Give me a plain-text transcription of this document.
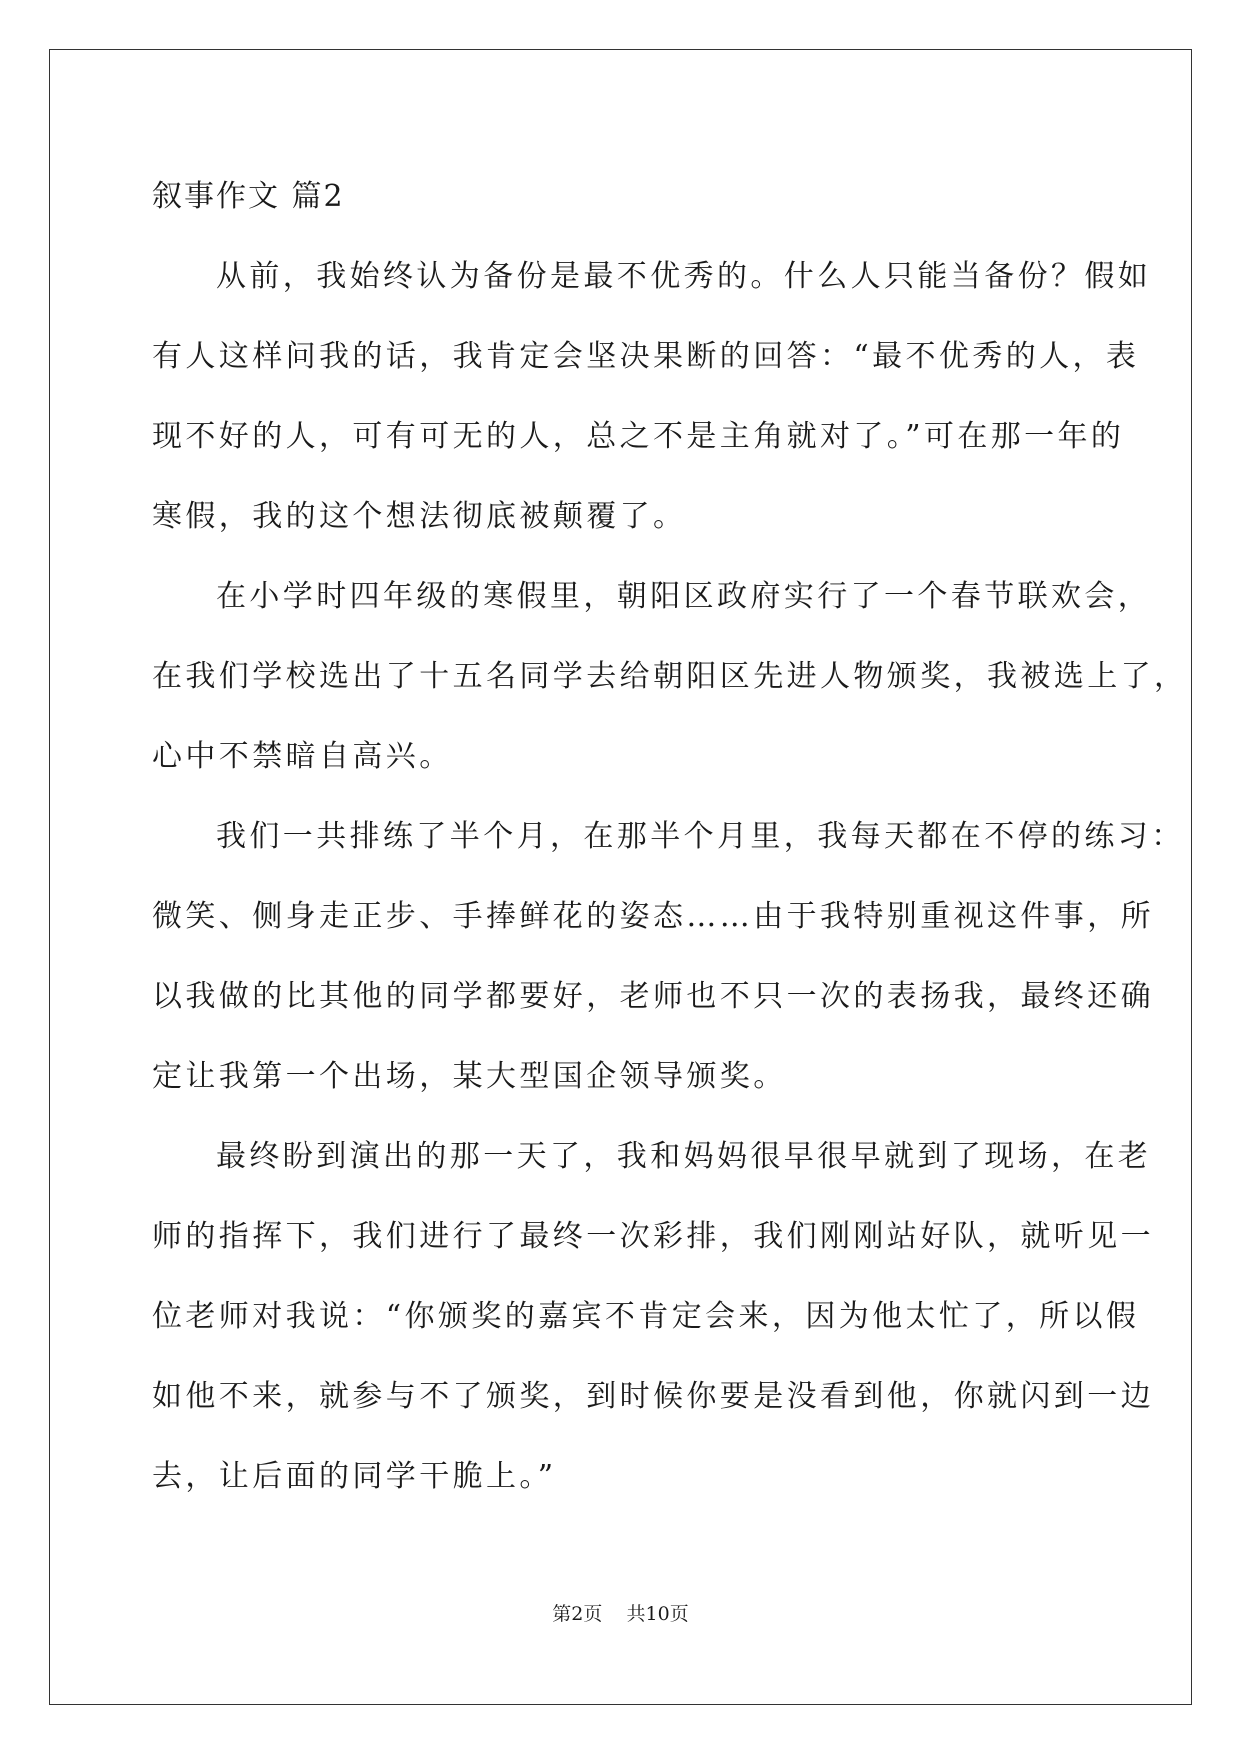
叙事作文 篇2

从前，我始终认为备份是最不优秀的。什么人只能当备份？假如

有人这样问我的话，我肯定会坚决果断的回答：“最不优秀的人，表

现不好的人，可有可无的人，总之不是主角就对了。”可在那一年的

寒假，我的这个想法彻底被颠覆了。

在小学时四年级的寒假里，朝阳区政府实行了一个春节联欢会，

在我们学校选出了十五名同学去给朝阳区先进人物颁奖，我被选上了，

心中不禁暗自高兴。

我们一共排练了半个月，在那半个月里，我每天都在不停的练习：

微笑、侧身走正步、手捧鲜花的姿态……由于我特别重视这件事，所

以我做的比其他的同学都要好，老师也不只一次的表扬我，最终还确

定让我第一个出场，某大型国企领导颁奖。

最终盼到演出的那一天了，我和妈妈很早很早就到了现场，在老

师的指挥下，我们进行了最终一次彩排，我们刚刚站好队，就听见一

位老师对我说：“你颁奖的嘉宾不肯定会来，因为他太忙了，所以假

如他不来，就参与不了颁奖，到时候你要是没看到他，你就闪到一边

去，让后面的同学干脆上。”

第2页 共10页
